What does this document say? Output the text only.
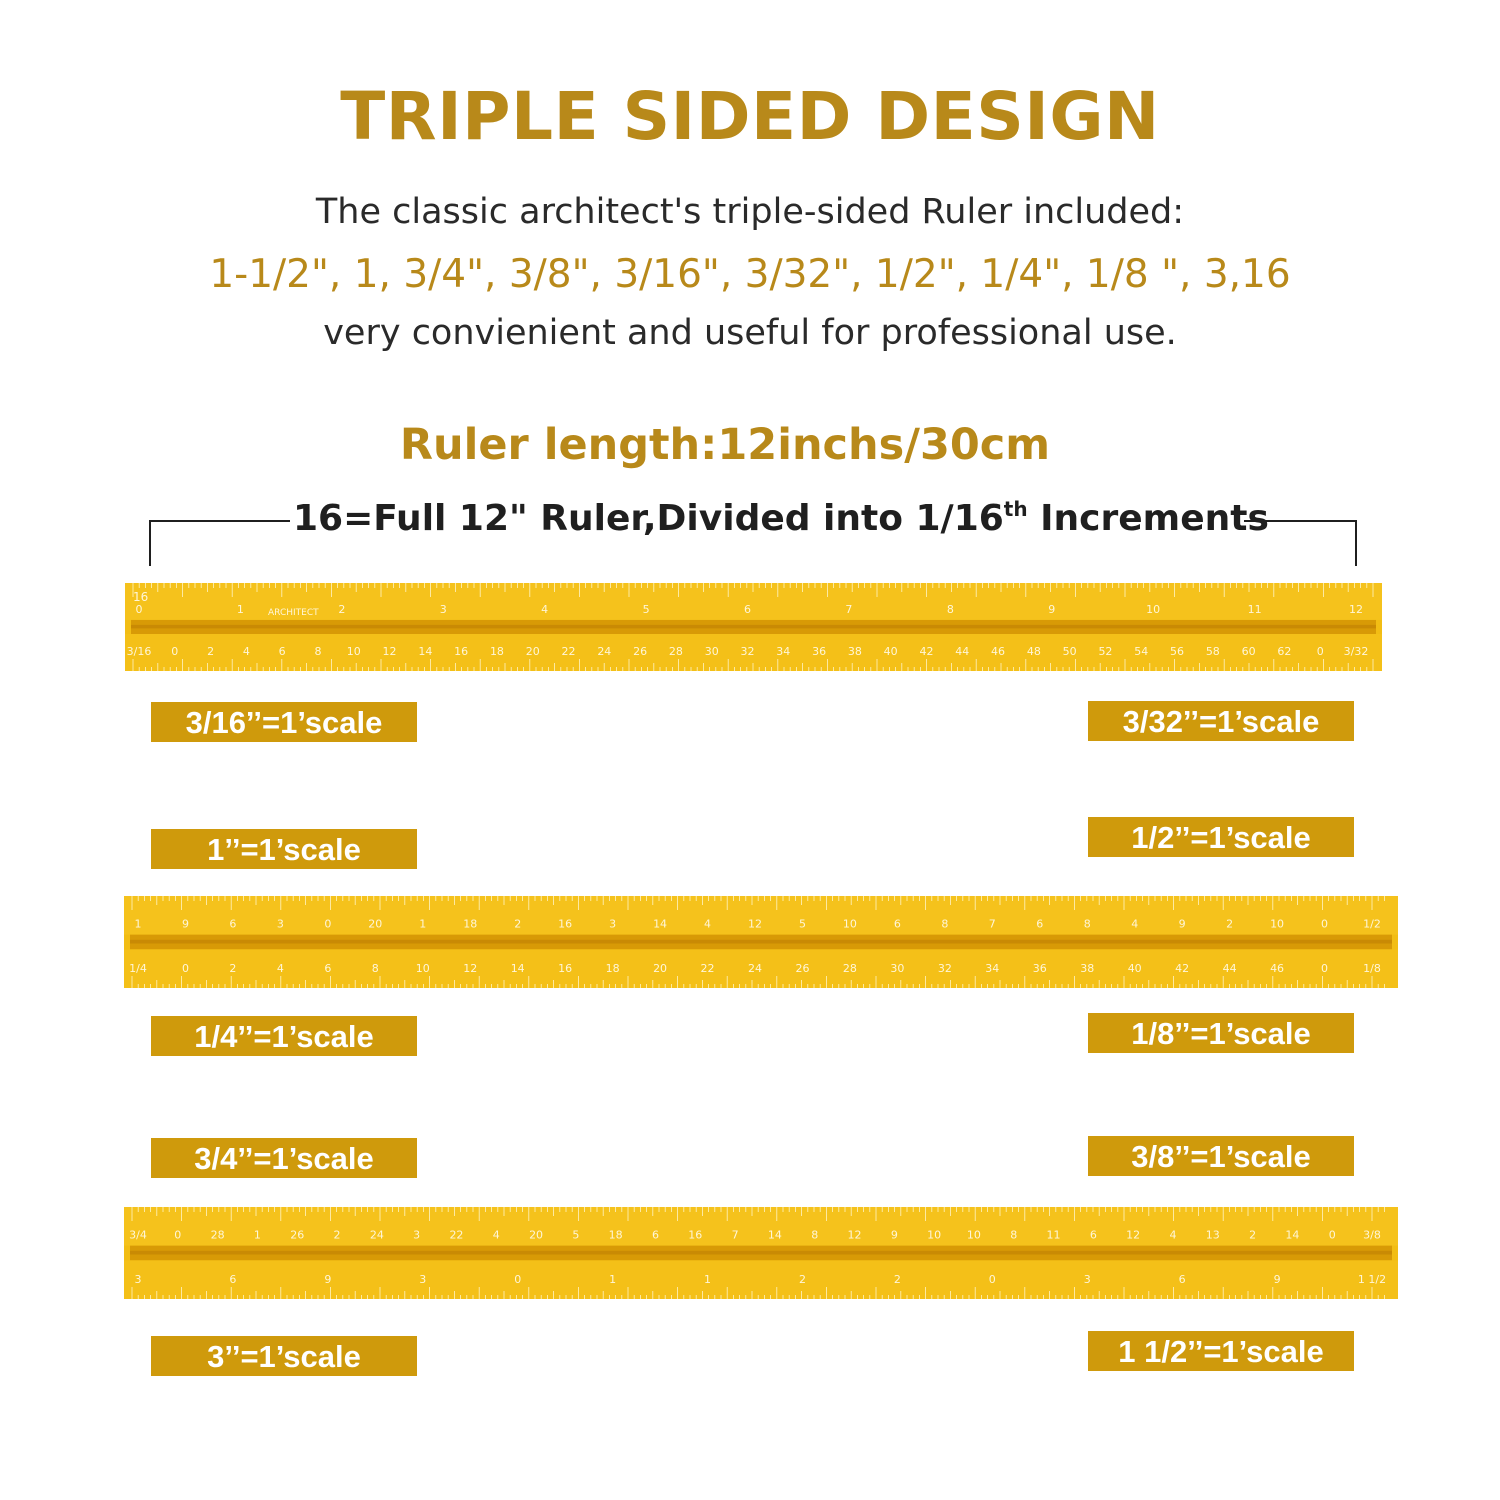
TRIPLE SIDED DESIGN
The classic architect's triple-sided Ruler included:
1-1/2", 1, 3/4", 3/8", 3/16", 3/32", 1/2", 1/4", 1/8 ", 3,16
very convienient and useful for professional use.
Ruler length:12inchs/30cm
16=Full 12" Ruler,Divided into 1/16th Increments
0	1	2	3	4	5	6	7	8	9	10	11	12
3/16 0	2	4	6	8 10 12 14 16 18 20 22 24 26 28 30 32 34 36 38 40 42 44 46 48 50 52 54 56 58 60 62 0 3/32
16
ARCHITECT
1	9	6	3	0	20	1	18	2	16	3	14	4	12	5	10	6	8	7	6	8	4	9	2	10	0	1/2
1/4	0	2	4	6	8	10	12	14	16	18	20	22	24	26	28	30	32	34	36	38	40	42	44	46	0	1/8
3/4 0	28	1	26	2	24	3	22	4	20	5	18	6	16	7	14	8	12	9	10 10	8	11	6	12	4	13	2	14	0 3/8
3	6	9	3	0	1	1	2	2	0	3	6	9	1 1/2
3/16’’=1’scale	3/32’’=1’scale
1’’=1’scale	1/2’’=1’scale
1/4’’=1’scale	1/8’’=1’scale
3/4’’=1’scale	3/8’’=1’scale
3’’=1’scale	1 1/2’’=1’scale
